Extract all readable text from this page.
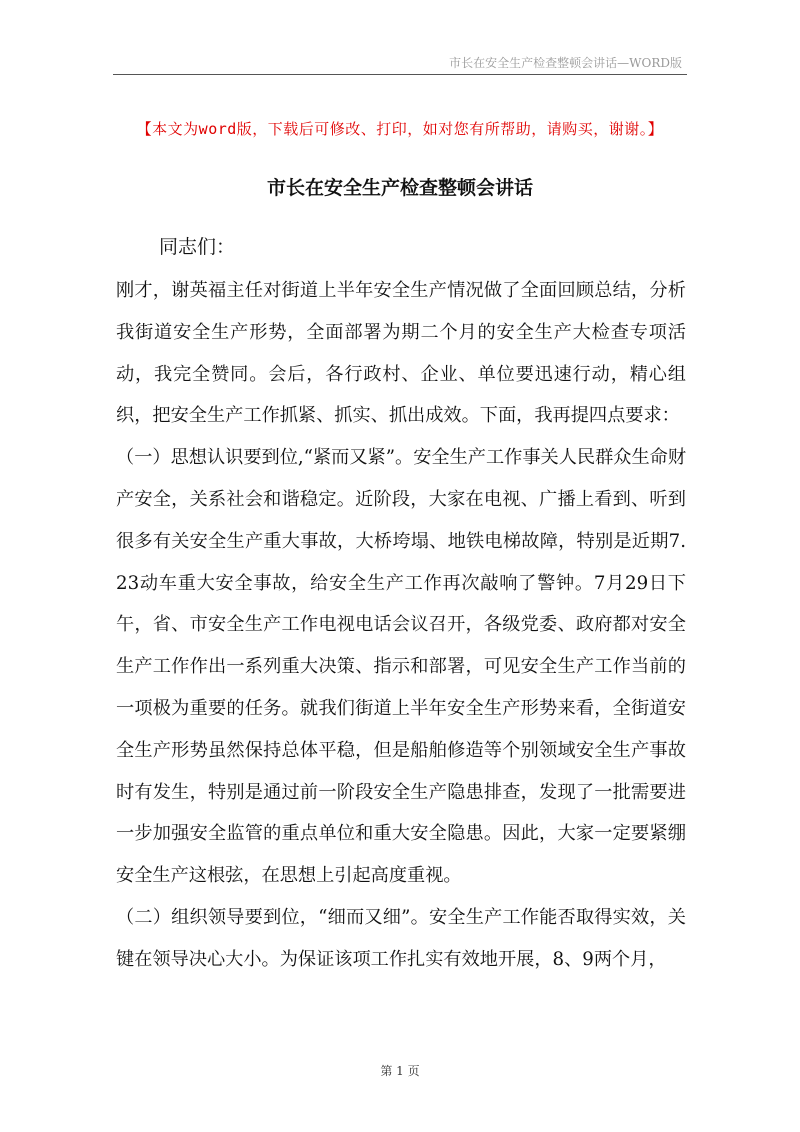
市长在安全生产检查整顿会讲话—WORD版
【本文为word版，下载后可修改、打印，如对您有所帮助，请购买，谢谢。】
市长在安全生产检查整顿会讲话
同志们：

刚才，谢英福主任对街道上半年安全生产情况做了全面回顾总结，分析我街道安全生产形势，全面部署为期二个月的安全生产大检查专项活动，我完全赞同。会后，各行政村、企业、单位要迅速行动，精心组织，把安全生产工作抓紧、抓实、抓出成效。下面，我再提四点要求：

（一）思想认识要到位,“紧而又紧”。安全生产工作事关人民群众生命财产安全，关系社会和谐稳定。近阶段，大家在电视、广播上看到、听到很多有关安全生产重大事故，大桥垮塌、地铁电梯故障，特别是近期7.23动车重大安全事故，给安全生产工作再次敲响了警钟。7月29日下午，省、市安全生产工作电视电话会议召开，各级党委、政府都对安全生产工作作出一系列重大决策、指示和部署，可见安全生产工作当前的一项极为重要的任务。就我们街道上半年安全生产形势来看，全街道安全生产形势虽然保持总体平稳，但是船舶修造等个别领域安全生产事故时有发生，特别是通过前一阶段安全生产隐患排查，发现了一批需要进一步加强安全监管的重点单位和重大安全隐患。因此，大家一定要紧绷安全生产这根弦，在思想上引起高度重视。

（二）组织领导要到位，“细而又细”。安全生产工作能否取得实效，关键在领导决心大小。为保证该项工作扎实有效地开展，8、9两个月，

第 1 页
